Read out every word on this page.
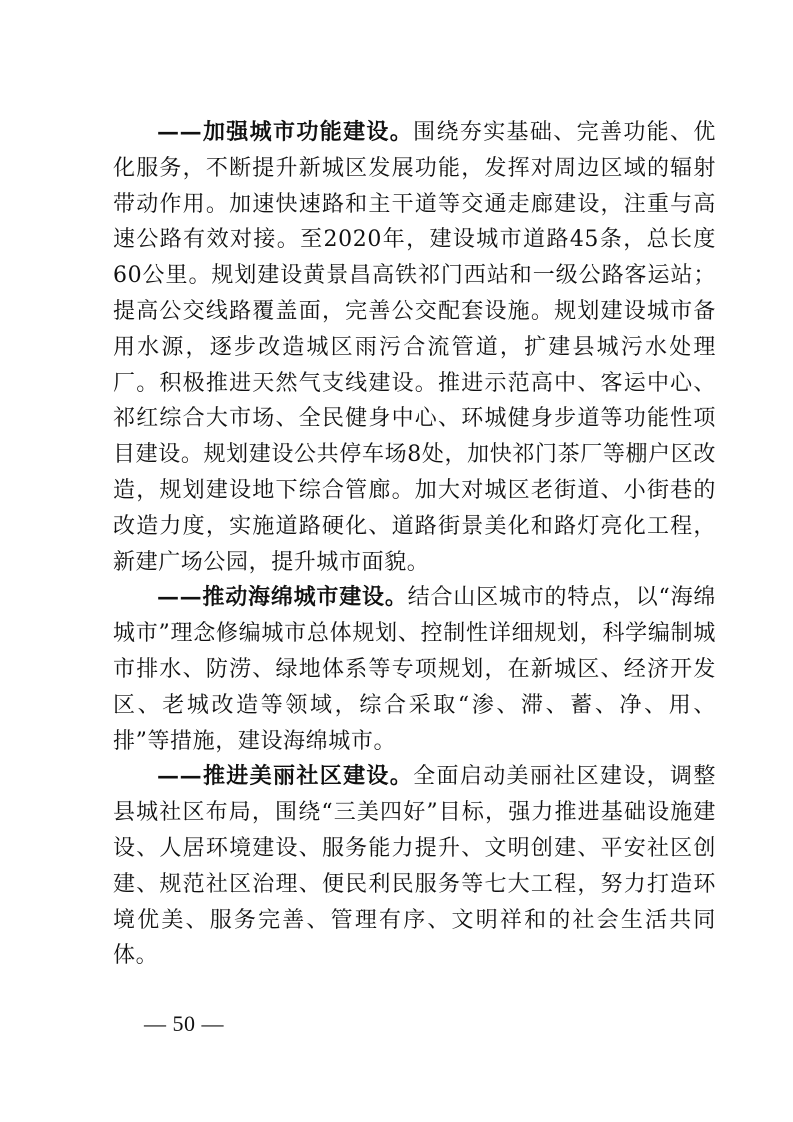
——加强城市功能建设。围绕夯实基础、完善功能、优化服务，不断提升新城区发展功能，发挥对周边区域的辐射带动作用。加速快速路和主干道等交通走廊建设，注重与高速公路有效对接。至2020年，建设城市道路45条，总长度60公里。规划建设黄景昌高铁祁门西站和一级公路客运站；提高公交线路覆盖面，完善公交配套设施。规划建设城市备用水源，逐步改造城区雨污合流管道，扩建县城污水处理厂。积极推进天然气支线建设。推进示范高中、客运中心、祁红综合大市场、全民健身中心、环城健身步道等功能性项目建设。规划建设公共停车场8处，加快祁门茶厂等棚户区改造，规划建设地下综合管廊。加大对城区老街道、小街巷的改造力度，实施道路硬化、道路街景美化和路灯亮化工程，新建广场公园，提升城市面貌。

——推动海绵城市建设。结合山区城市的特点，以“海绵城市”理念修编城市总体规划、控制性详细规划，科学编制城市排水、防涝、绿地体系等专项规划，在新城区、经济开发区、老城改造等领域，综合采取“渗、滞、蓄、净、用、排”等措施，建设海绵城市。

——推进美丽社区建设。全面启动美丽社区建设，调整县城社区布局，围绕“三美四好”目标，强力推进基础设施建设、人居环境建设、服务能力提升、文明创建、平安社区创建、规范社区治理、便民利民服务等七大工程，努力打造环境优美、服务完善、管理有序、文明祥和的社会生活共同体。

— 50 —
